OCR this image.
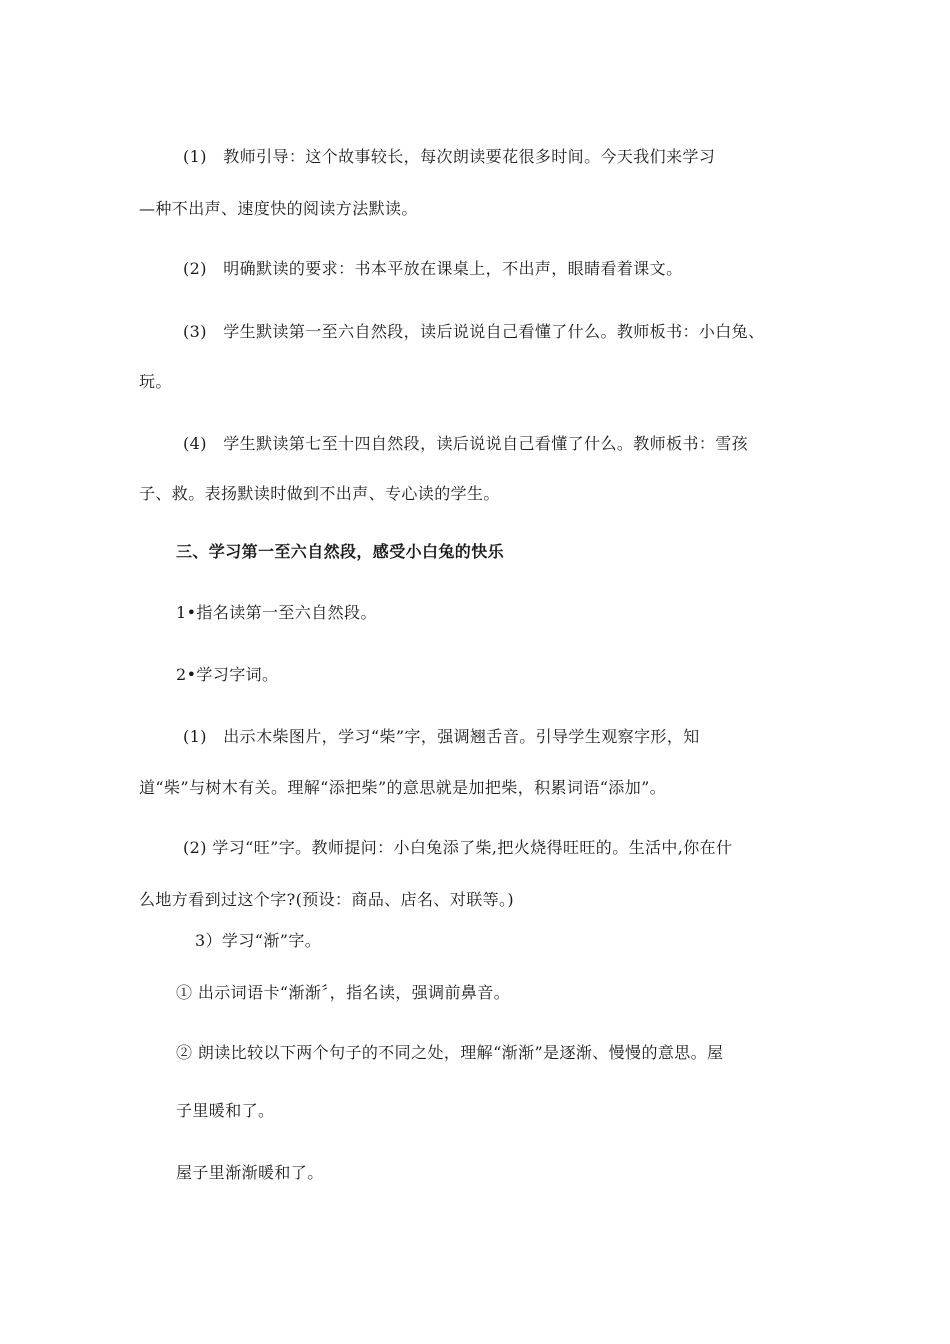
(1)　教师引导：这个故事较长，每次朗读要花很多时间。今天我们来学习
—种不出声、速度快的阅读方法默读。
(2)　明确默读的要求：书本平放在课桌上，不出声，眼睛看着课文。
(3)　学生默读第一至六自然段，读后说说自己看懂了什么。教师板书：小白兔、
玩。
(4)　学生默读第七至十四自然段，读后说说自己看懂了什么。教师板书：雪孩
子、救。表扬默读时做到不出声、专心读的学生。
三、学习第一至六自然段，感受小白兔的快乐
1•指名读第一至六自然段。
2•学习字词。
(1)　出示木柴图片，学习“柴”字，强调翘舌音。引导学生观察字形，知
道“柴”与树木有关。理解“添把柴”的意思就是加把柴，积累词语“添加”。
(2) 学习“旺”字。教师提问：小白兔添了柴,把火烧得旺旺的。生活中,你在什
么地方看到过这个字?(预设：商品、店名、对联等。)
3）学习“渐”字。
① 出示词语卡“渐渐〞，指名读，强调前鼻音。
② 朗读比较以下两个句子的不同之处，理解“渐渐”是逐渐、慢慢的意思。屋
子里暖和了。
屋子里渐渐暖和了。
